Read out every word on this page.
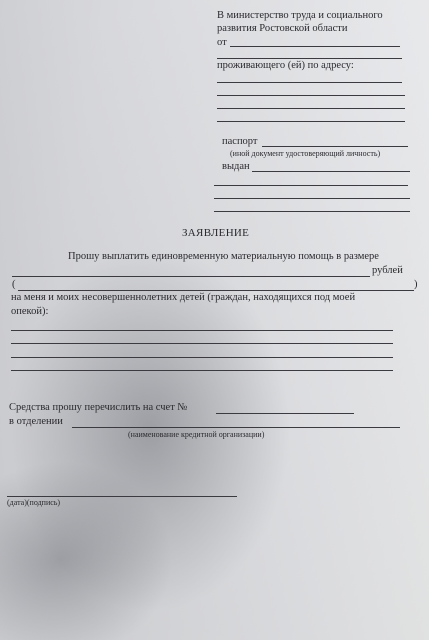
В министерство труда и социального
развития Ростовской области
от
проживающего (ей) по адресу:
паспорт
(иной документ удостоверяющий личность)
выдан
ЗАЯВЛЕНИЕ
Прошу выплатить единовременную материальную помощь в размере
рублей
(	)
на меня и моих несовершеннолетних детей (граждан, находящихся под моей
опекой):
Средства прошу перечислить на счет №
в отделении
(наименование кредитной организации)
(дата)(подпись)
